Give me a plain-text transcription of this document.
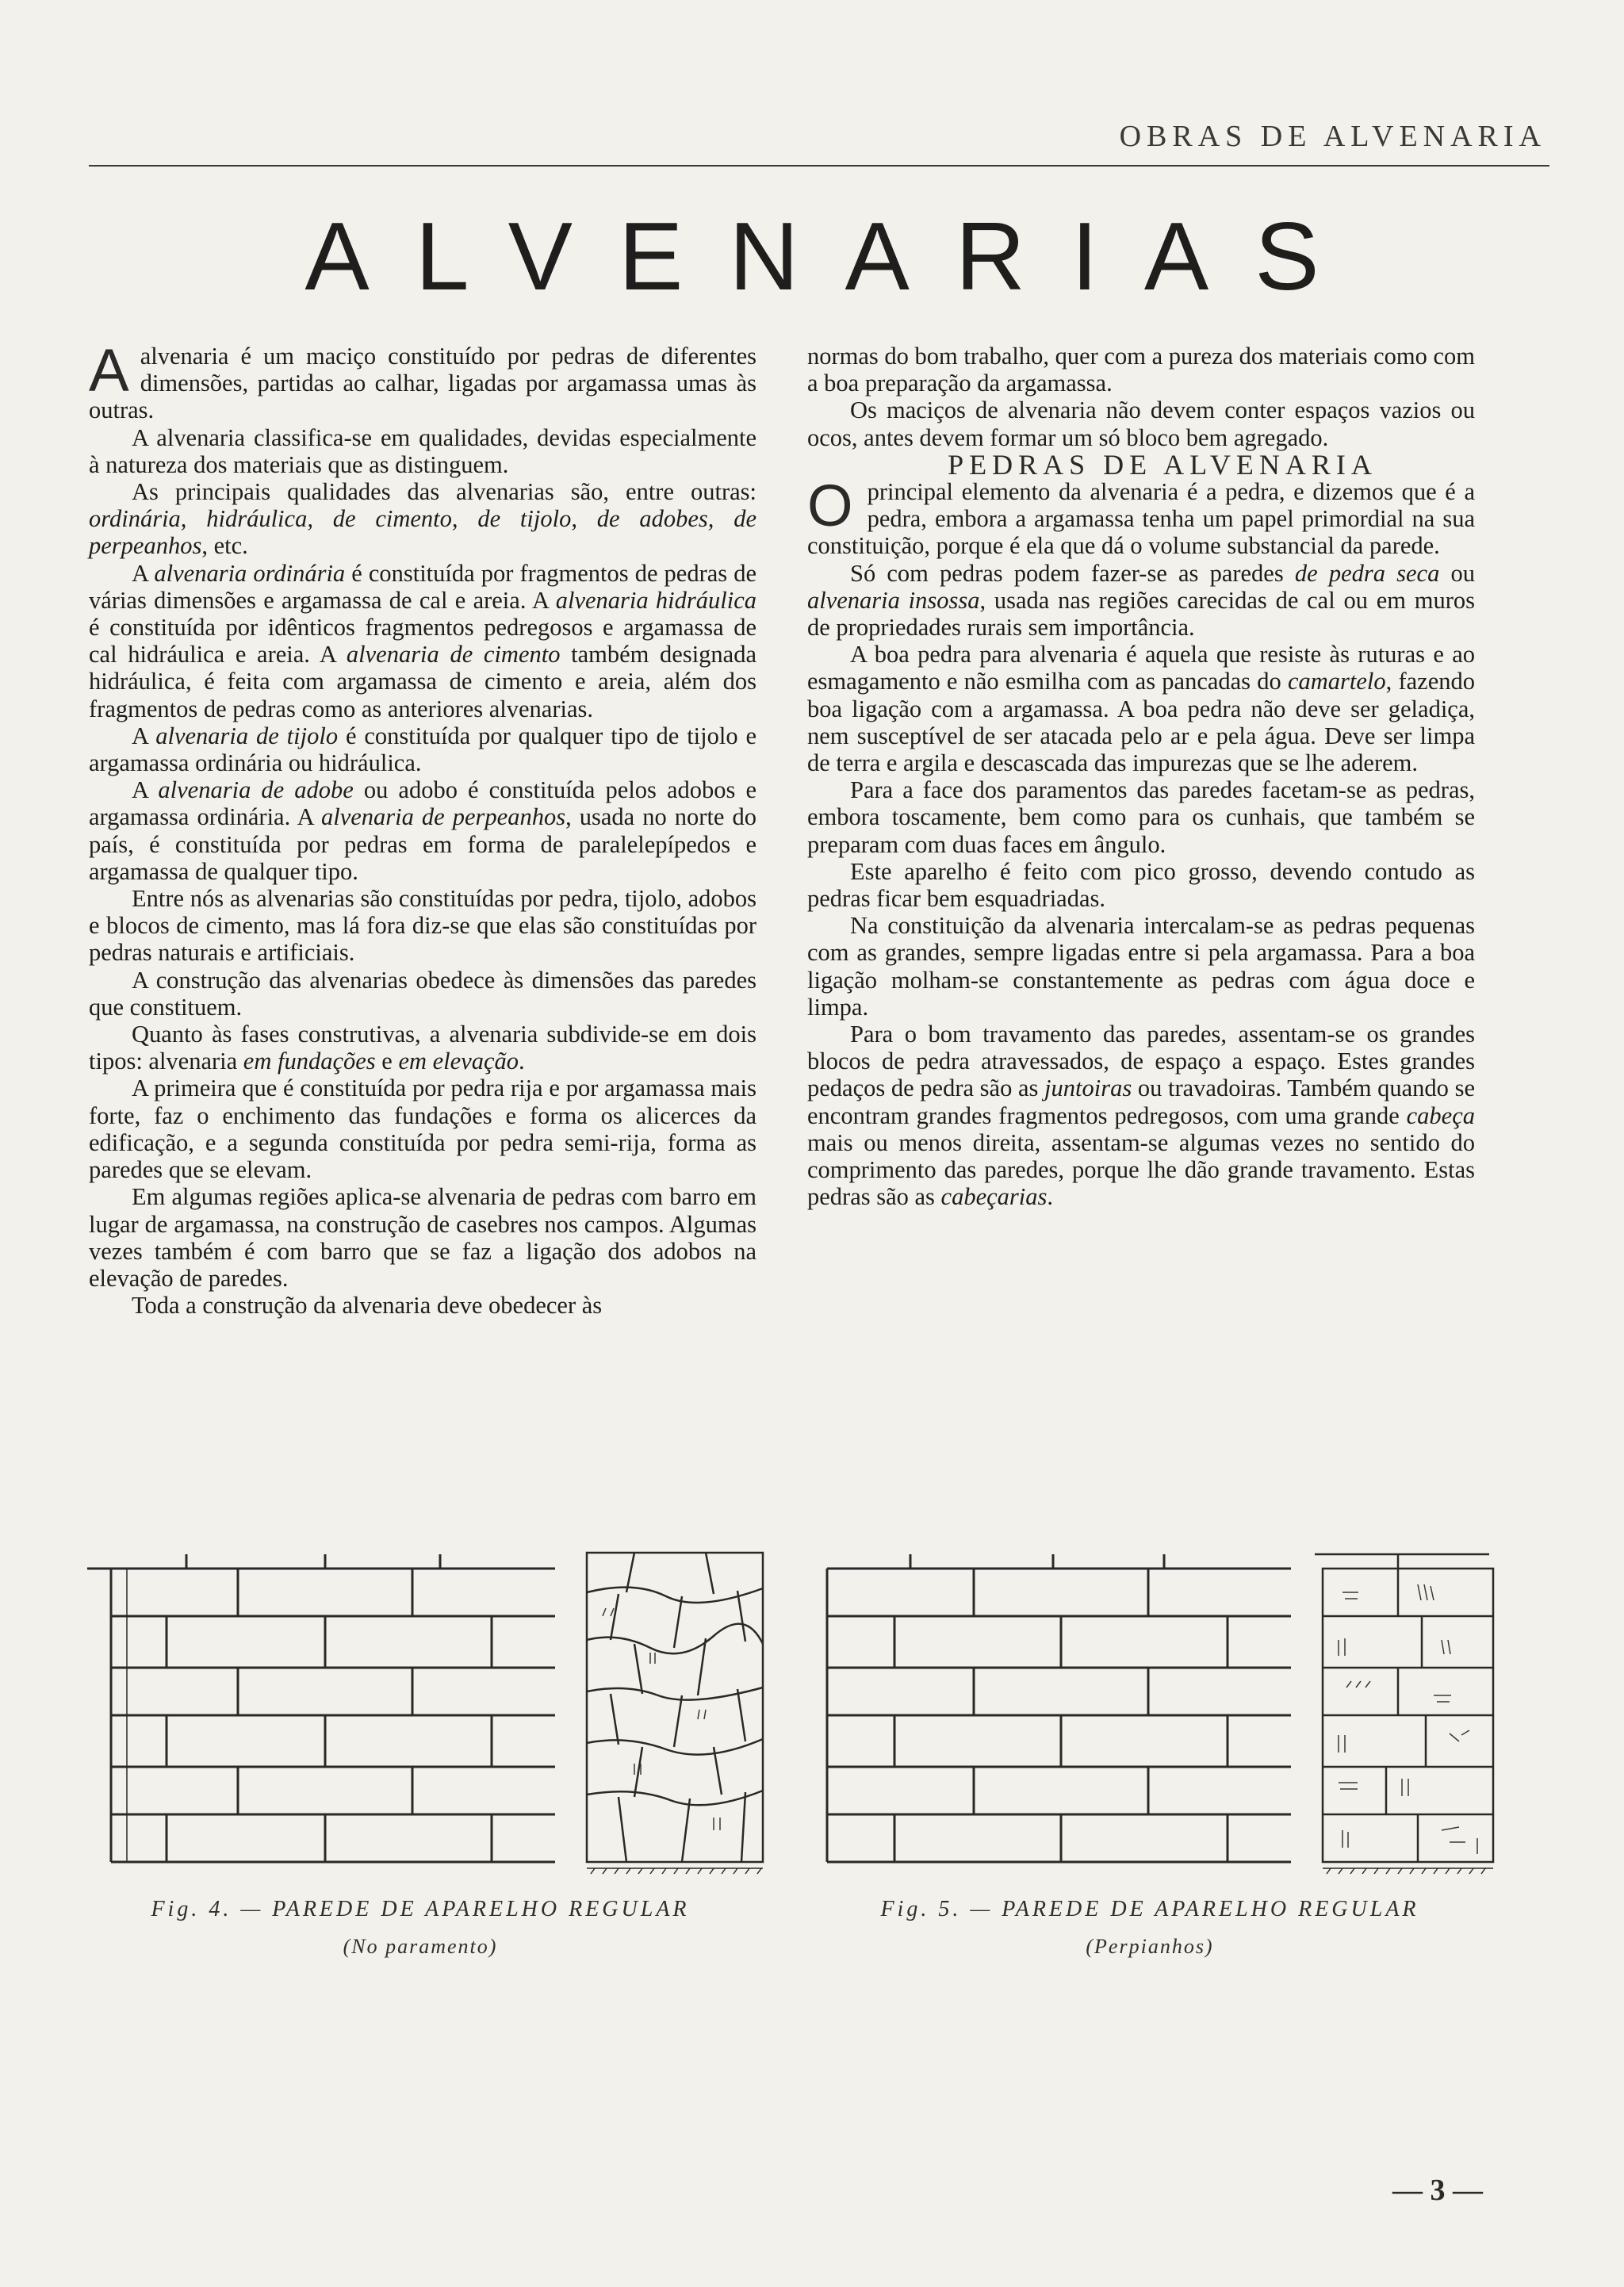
OBRAS DE ALVENARIA
ALVENARIAS

Aalvenaria é um maciço constituído por pedras de diferentes dimensões, partidas ao calhar, ligadas por argamassa umas às outras.

A alvenaria classifica-se em qualidades, devidas especialmente à natureza dos materiais que as distinguem.

As principais qualidades das alvenarias são, entre outras: ordinária, hidráulica, de cimento, de tijolo, de adobes, de perpeanhos, etc.

A alvenaria ordinária é constituída por fragmentos de pedras de várias dimensões e argamassa de cal e areia. A alvenaria hidráulica é constituída por idênticos fragmentos pedregosos e argamassa de cal hidráulica e areia. A alvenaria de cimento também designada hidráulica, é feita com argamassa de cimento e areia, além dos fragmentos de pedras como as anteriores alvenarias.

A alvenaria de tijolo é constituída por qualquer tipo de tijolo e argamassa ordinária ou hidráulica.

A alvenaria de adobe ou adobo é constituída pelos adobos e argamassa ordinária. A alvenaria de perpeanhos, usada no norte do país, é constituída por pedras em forma de paralelepípedos e argamassa de qualquer tipo.

Entre nós as alvenarias são constituídas por pedra, tijolo, adobos e blocos de cimento, mas lá fora diz-se que elas são constituídas por pedras naturais e artificiais.

A construção das alvenarias obedece às dimensões das paredes que constituem.

Quanto às fases construtivas, a alvenaria subdivide-se em dois tipos: alvenaria em fundações e em elevação.

A primeira que é constituída por pedra rija e por argamassa mais forte, faz o enchimento das fundações e forma os alicerces da edificação, e a segunda constituída por pedra semi-rija, forma as paredes que se elevam.

Em algumas regiões aplica-se alvenaria de pedras com barro em lugar de argamassa, na construção de casebres nos campos. Algumas vezes também é com barro que se faz a ligação dos adobos na elevação de paredes.

Toda a construção da alvenaria deve obedecer às

normas do bom trabalho, quer com a pureza dos materiais como com a boa preparação da argamassa.

Os maciços de alvenaria não devem conter espaços vazios ou ocos, antes devem formar um só bloco bem agregado.

PEDRAS DE ALVENARIA

Oprincipal elemento da alvenaria é a pedra, e dizemos que é a pedra, embora a argamassa tenha um papel primordial na sua constituição, porque é ela que dá o volume substancial da parede.

Só com pedras podem fazer-se as paredes de pedra seca ou alvenaria insossa, usada nas regiões carecidas de cal ou em muros de propriedades rurais sem importância.

A boa pedra para alvenaria é aquela que resiste às ruturas e ao esmagamento e não esmilha com as pancadas do camartelo, fazendo boa ligação com a argamassa. A boa pedra não deve ser geladiça, nem susceptível de ser atacada pelo ar e pela água. Deve ser limpa de terra e argila e descascada das impurezas que se lhe aderem.

Para a face dos paramentos das paredes facetam-se as pedras, embora toscamente, bem como para os cunhais, que também se preparam com duas faces em ângulo.

Este aparelho é feito com pico grosso, devendo contudo as pedras ficar bem esquadriadas.

Na constituição da alvenaria intercalam-se as pedras pequenas com as grandes, sempre ligadas entre si pela argamassa. Para a boa ligação molham-se constantemente as pedras com água doce e limpa.

Para o bom travamento das paredes, assentam-se os grandes blocos de pedra atravessados, de espaço a espaço. Estes grandes pedaços de pedra são as juntoiras ou travadoiras. Também quando se encontram grandes fragmentos pedregosos, com uma grande cabeça mais ou menos direita, assentam-se algumas vezes no sentido do comprimento das paredes, porque lhe dão grande travamento. Estas pedras são as cabeçarias.

Fig. 4. — PAREDE DE APARELHO REGULAR
(No paramento)
Fig. 5. — PAREDE DE APARELHO REGULAR
(Perpianhos)
— 3 —
